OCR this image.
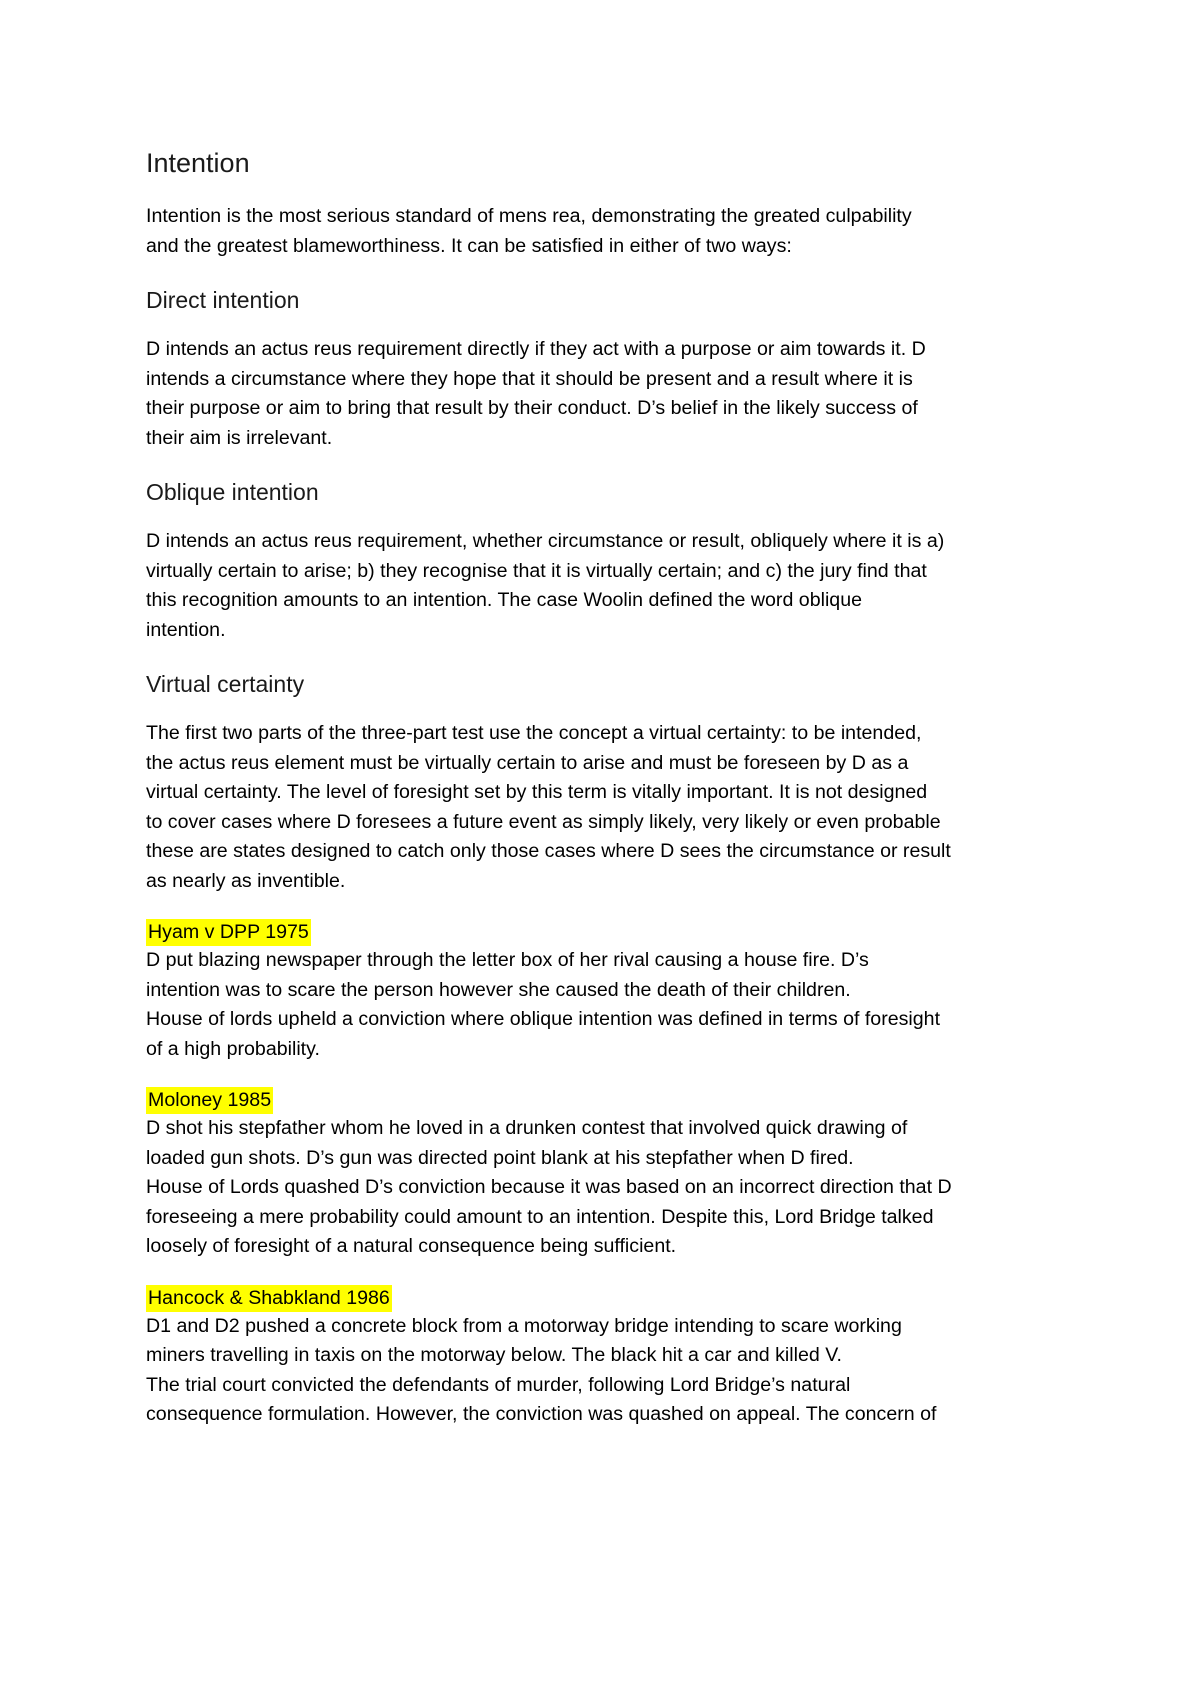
Intention
Intention is the most serious standard of mens rea, demonstrating the greated culpability
and the greatest blameworthiness. It can be satisfied in either of two ways:
Direct intention
D intends an actus reus requirement directly if they act with a purpose or aim towards it. D
intends a circumstance where they hope that it should be present and a result where it is
their purpose or aim to bring that result by their conduct. D’s belief in the likely success of
their aim is irrelevant.
Oblique intention
D intends an actus reus requirement, whether circumstance or result, obliquely where it is a)
virtually certain to arise; b) they recognise that it is virtually certain; and c) the jury find that
this recognition amounts to an intention. The case Woolin defined the word oblique
intention.
Virtual certainty
The first two parts of the three-part test use the concept a virtual certainty: to be intended,
the actus reus element must be virtually certain to arise and must be foreseen by D as a
virtual certainty. The level of foresight set by this term is vitally important. It is not designed
to cover cases where D foresees a future event as simply likely, very likely or even probable
these are states designed to catch only those cases where D sees the circumstance or result
as nearly as inventible.
Hyam v DPP 1975
D put blazing newspaper through the letter box of her rival causing a house fire. D’s
intention was to scare the person however she caused the death of their children.
House of lords upheld a conviction where oblique intention was defined in terms of foresight
of a high probability.
Moloney 1985
D shot his stepfather whom he loved in a drunken contest that involved quick drawing of
loaded gun shots. D’s gun was directed point blank at his stepfather when D fired.
House of Lords quashed D’s conviction because it was based on an incorrect direction that D
foreseeing a mere probability could amount to an intention. Despite this, Lord Bridge talked
loosely of foresight of a natural consequence being sufficient.
Hancock & Shabkland 1986
D1 and D2 pushed a concrete block from a motorway bridge intending to scare working
miners travelling in taxis on the motorway below. The black hit a car and killed V.
The trial court convicted the defendants of murder, following Lord Bridge’s natural
consequence formulation. However, the conviction was quashed on appeal. The concern of
